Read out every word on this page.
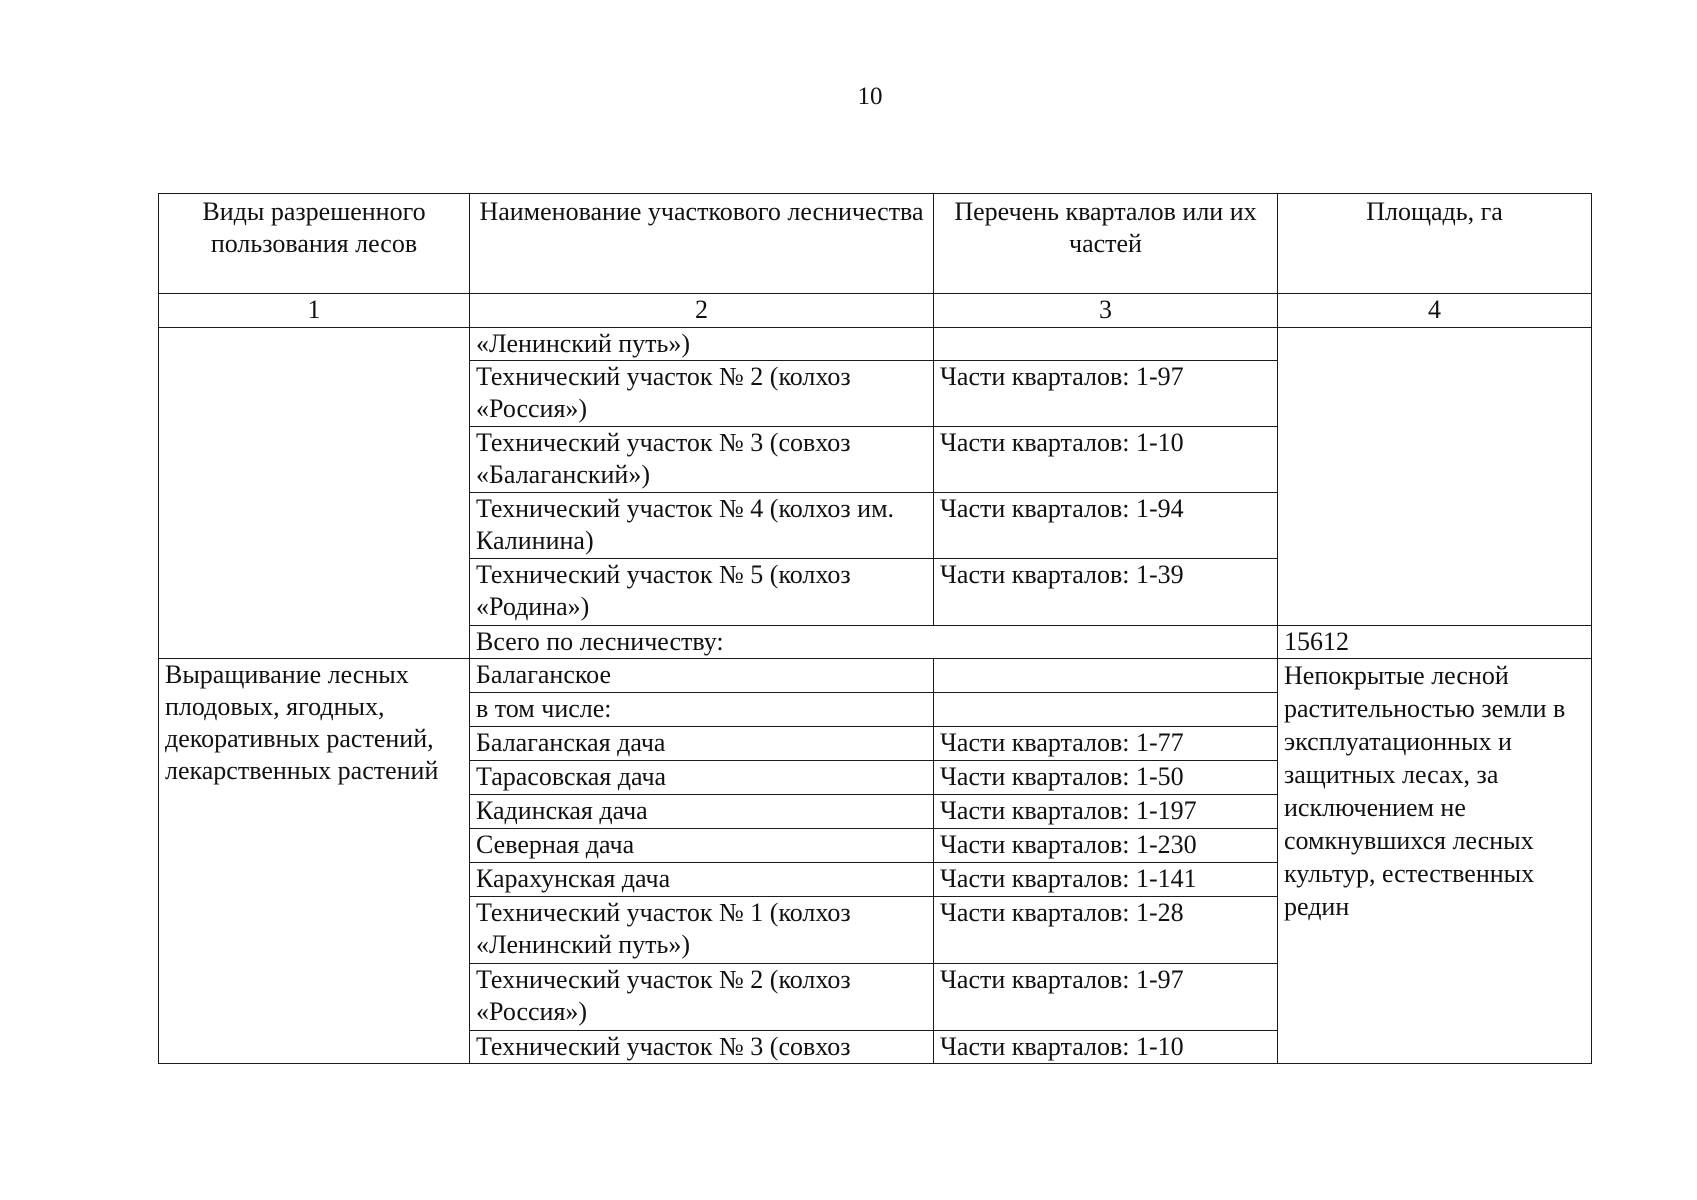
10
Виды разрешенного пользования лесов	Наименование участкового лесничества	Перечень кварталов или их частей	Площадь, га
1	2	3	4
	«Ленинский путь»)		
	Технический участок № 2 (колхоз «Россия»)	Части кварталов: 1-97	
	Технический участок № 3 (совхоз «Балаганский»)	Части кварталов: 1-10	
	Технический участок № 4 (колхоз им. Калинина)	Части кварталов: 1-94	
	Технический участок № 5 (колхоз «Родина»)	Части кварталов: 1-39	
	Всего по лесничеству:		15612
Выращивание лесных плодовых, ягодных, декоративных растений, лекарственных растений	Балаганское		Непокрытые лесной растительностью земли в эксплуатационных и защитных лесах, за исключением не сомкнувшихся лесных культур, естественных редин
	в том числе:		
	Балаганская дача	Части кварталов: 1-77	
	Тарасовская дача	Части кварталов: 1-50	
	Кадинская дача	Части кварталов: 1-197	
	Северная дача	Части кварталов: 1-230	
	Карахунская дача	Части кварталов: 1-141	
	Технический участок № 1 (колхоз «Ленинский путь»)	Части кварталов: 1-28	
	Технический участок № 2 (колхоз «Россия»)	Части кварталов: 1-97	
	Технический участок № 3 (совхоз	Части кварталов: 1-10	
